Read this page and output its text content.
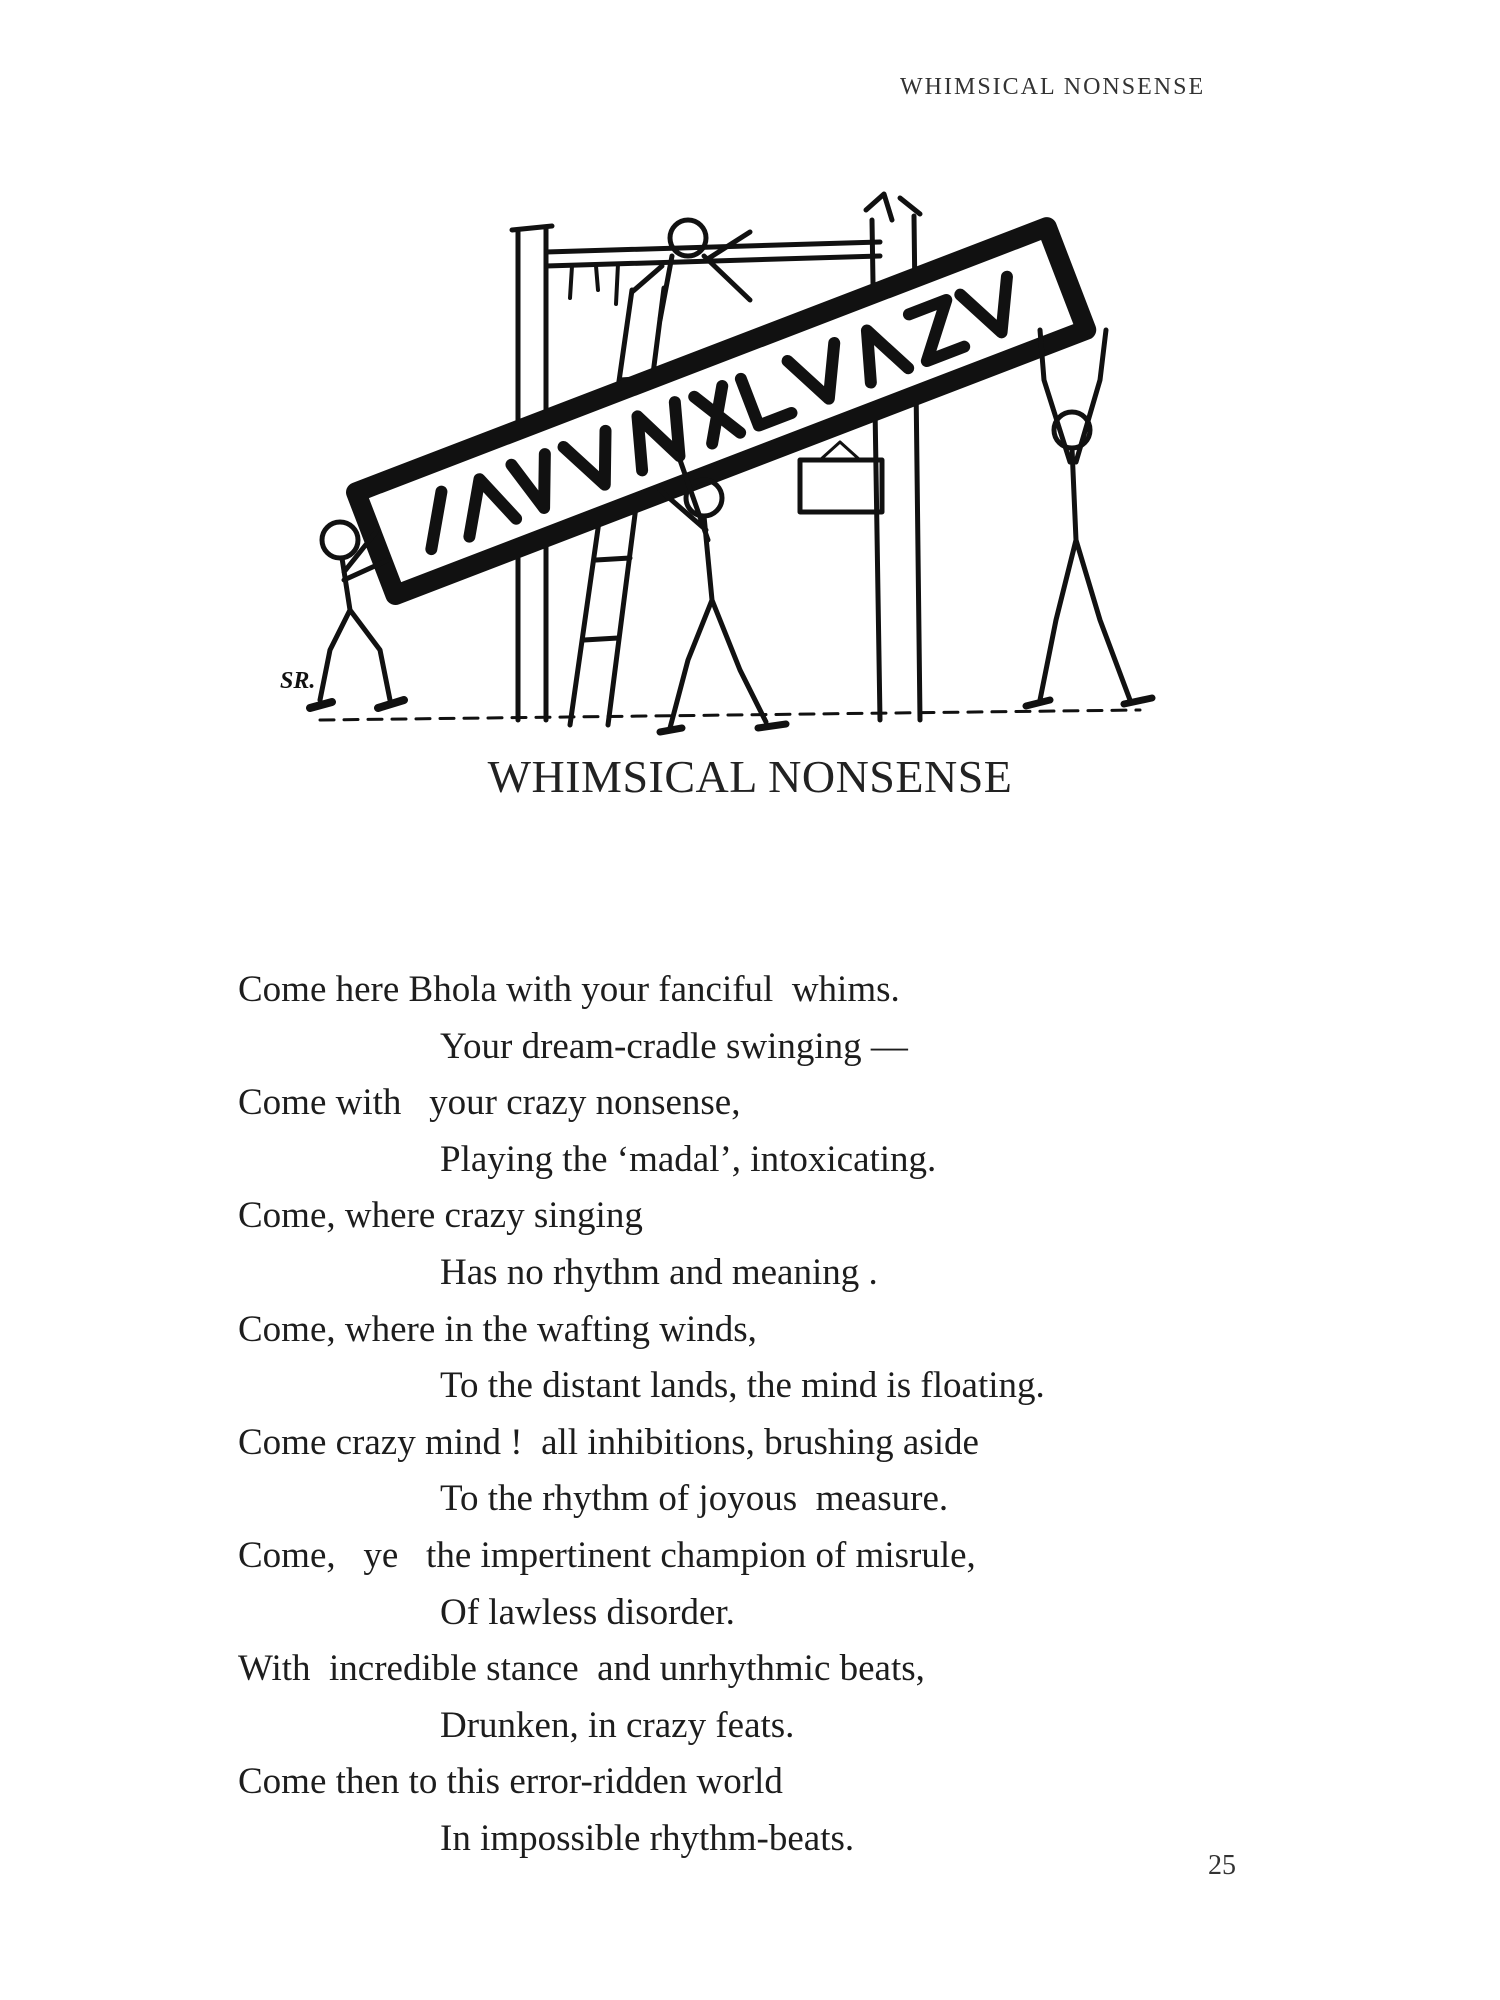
WHIMSICAL NONSENSE
SR.
WHIMSICAL NONSENSE
Come here Bhola with your fanciful  whims.
Your dream-cradle swinging —
Come with   your crazy nonsense,
Playing the ‘madal’, intoxicating.
Come, where crazy singing
Has no rhythm and meaning .
Come, where in the wafting winds,
To the distant lands, the mind is floating.
Come crazy mind !  all inhibitions, brushing aside
To the rhythm of joyous  measure.
Come,   ye   the impertinent champion of misrule,
Of lawless disorder.
With  incredible stance  and unrhythmic beats,
Drunken, in crazy feats.
Come then to this error-ridden world
In impossible rhythm-beats.
25
